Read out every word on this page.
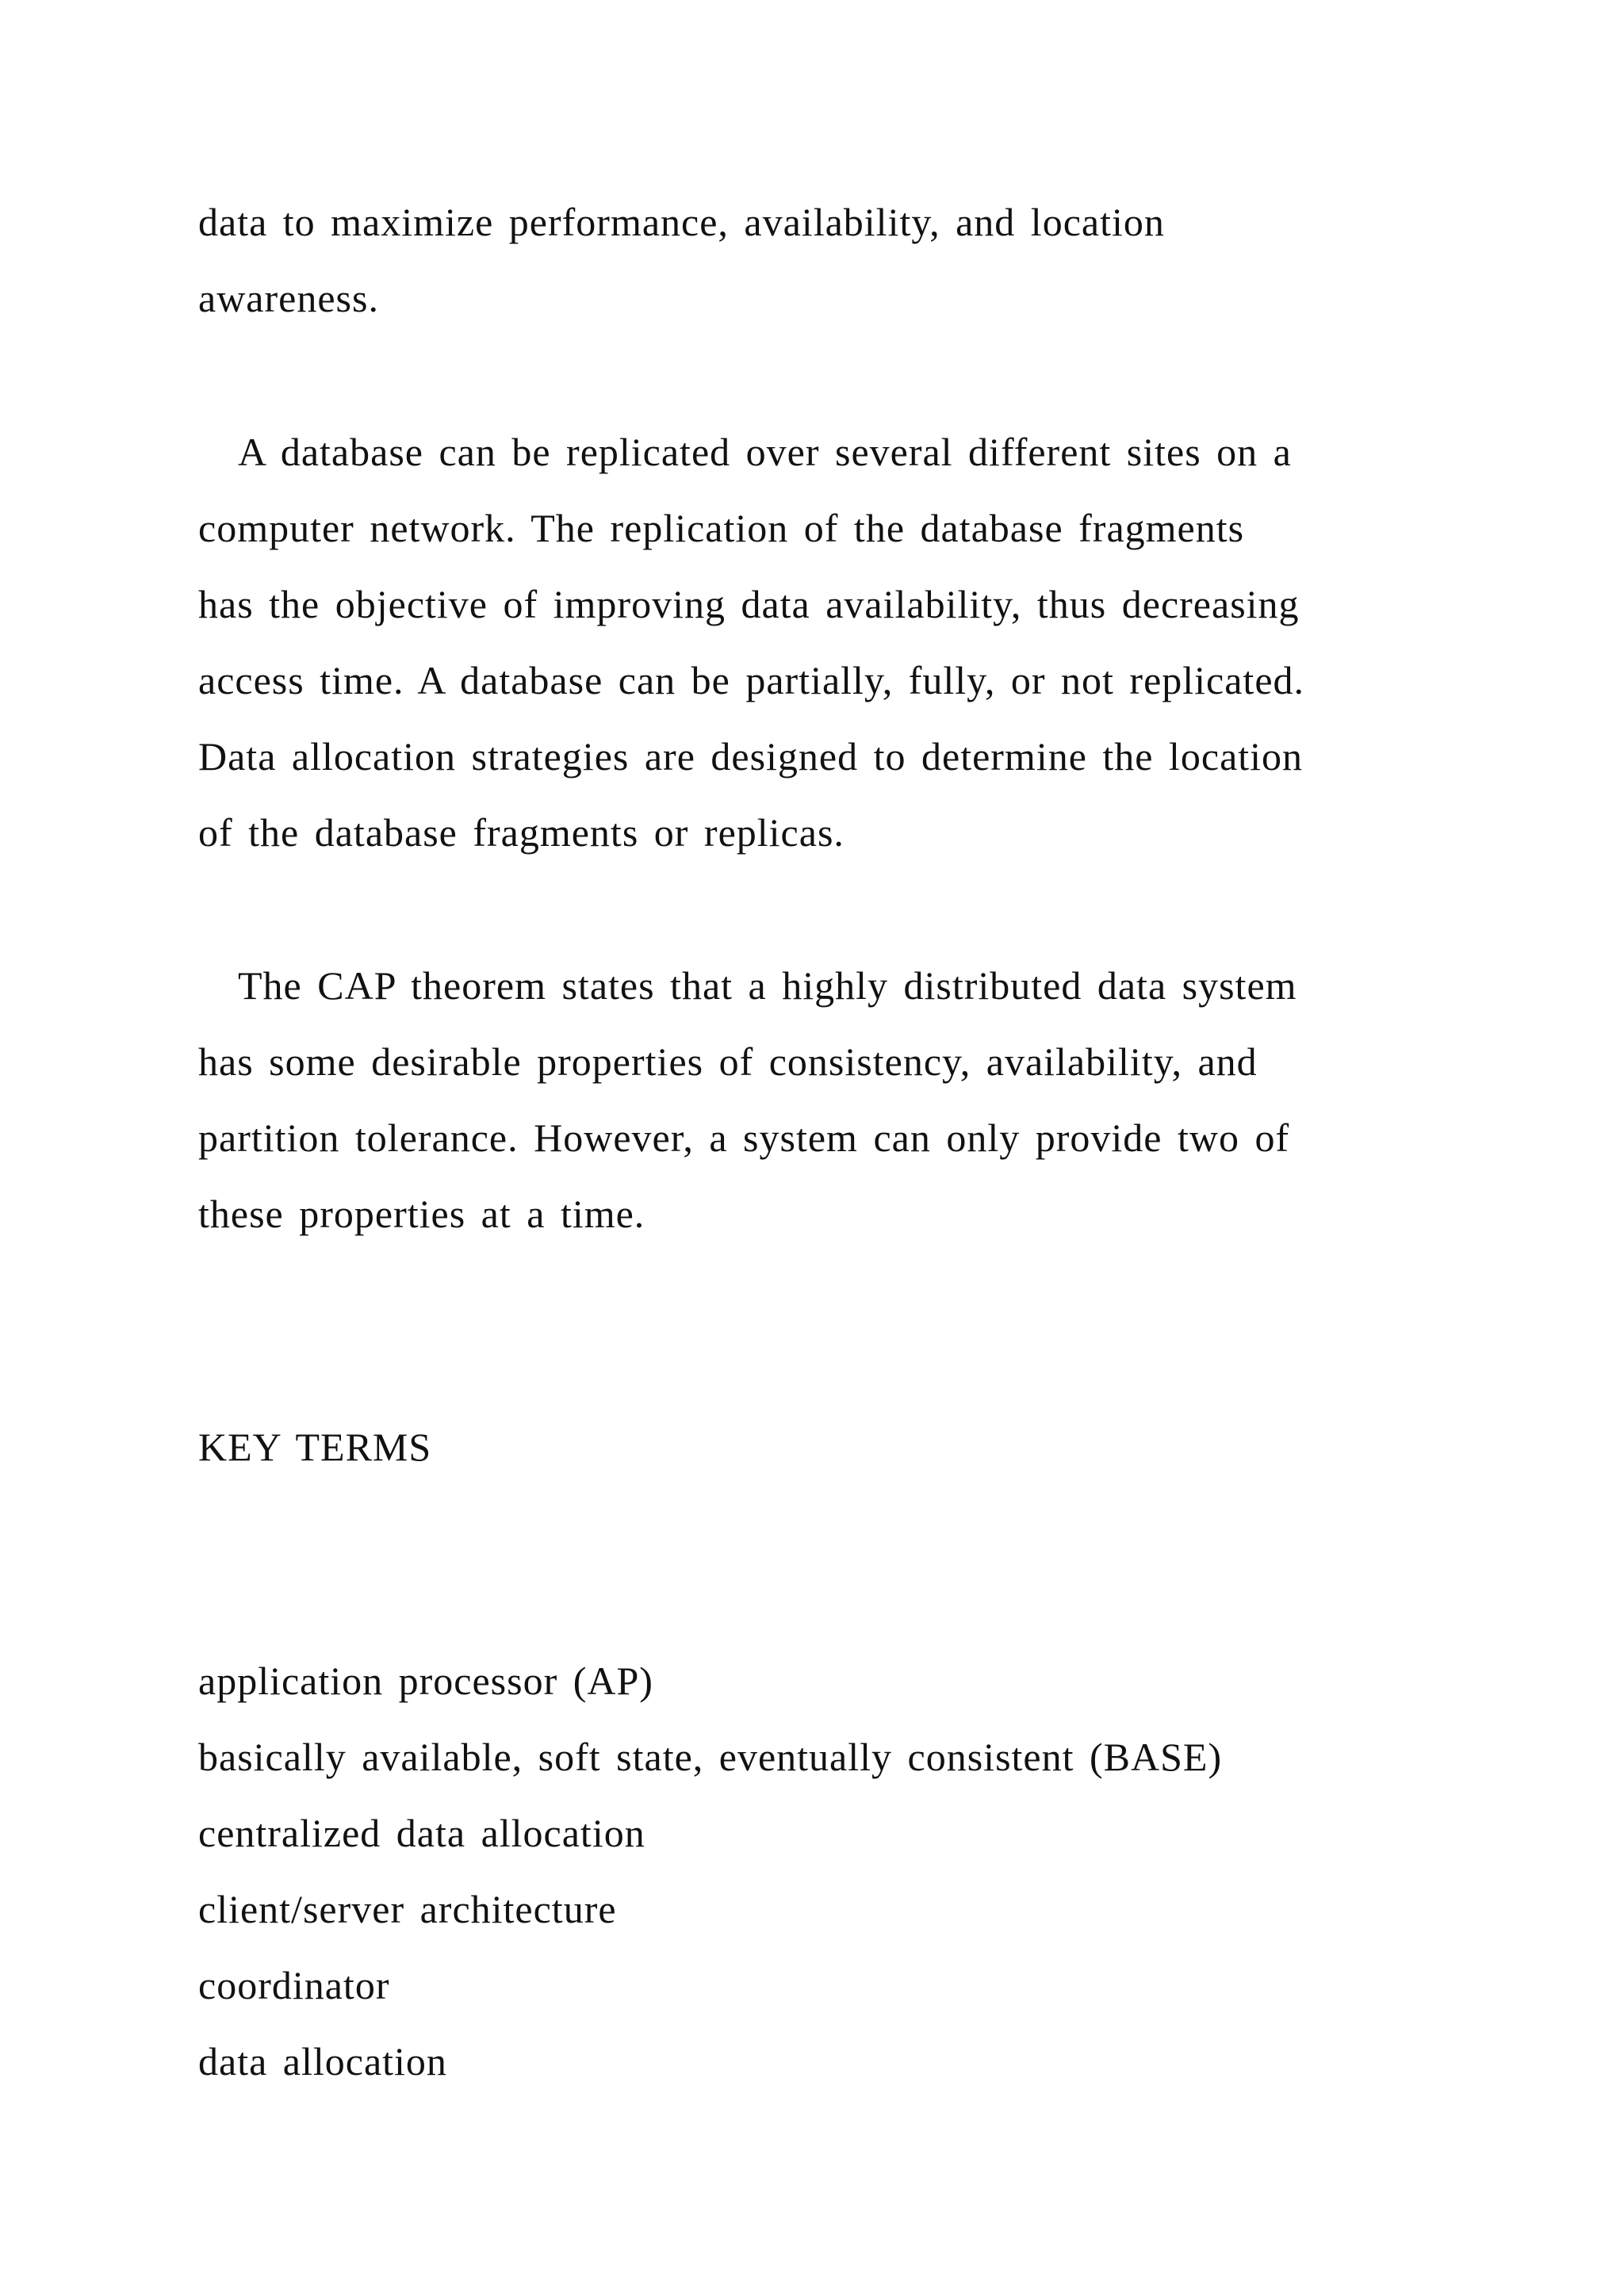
data to maximize performance, availability, and location
awareness.
A database can be replicated over several different sites on a
computer network. The replication of the database fragments
has the objective of improving data availability, thus decreasing
access time. A database can be partially, fully, or not replicated.
Data allocation strategies are designed to determine the location
of the database fragments or replicas.
The CAP theorem states that a highly distributed data system
has some desirable properties of consistency, availability, and
partition tolerance. However, a system can only provide two of
these properties at a time.
KEY TERMS
application processor (AP)
basically available, soft state, eventually consistent (BASE)
centralized data allocation
client/server architecture
coordinator
data allocation
